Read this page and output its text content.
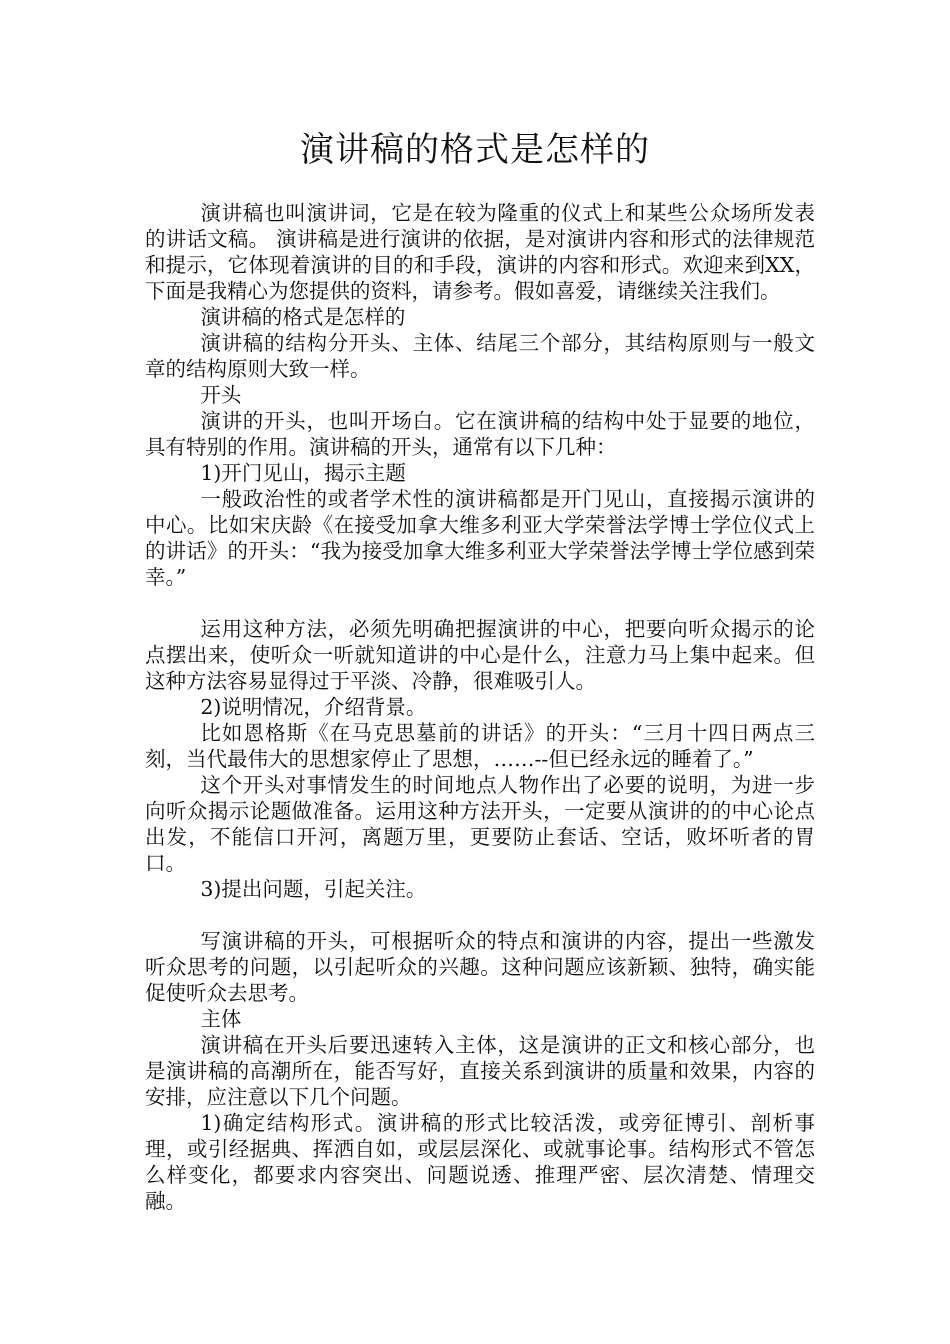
演讲稿的格式是怎样的

演讲稿也叫演讲词，它是在较为隆重的仪式上和某些公众场所发表的讲话文稿。 演讲稿是进行演讲的依据，是对演讲内容和形式的法律规范和提示，它体现着演讲的目的和手段，演讲的内容和形式。欢迎来到XX，下面是我精心为您提供的资料，请参考。假如喜爱，请继续关注我们。

演讲稿的格式是怎样的

演讲稿的结构分开头、主体、结尾三个部分，其结构原则与一般文章的结构原则大致一样。

开头

演讲的开头，也叫开场白。它在演讲稿的结构中处于显要的地位，具有特别的作用。演讲稿的开头，通常有以下几种：

1)开门见山，揭示主题

一般政治性的或者学术性的演讲稿都是开门见山，直接揭示演讲的中心。比如宋庆龄《在接受加拿大维多利亚大学荣誉法学博士学位仪式上的讲话》的开头：“我为接受加拿大维多利亚大学荣誉法学博士学位感到荣幸。”

运用这种方法，必须先明确把握演讲的中心，把要向听众揭示的论点摆出来，使听众一听就知道讲的中心是什么，注意力马上集中起来。但这种方法容易显得过于平淡、冷静，很难吸引人。

2)说明情况，介绍背景。

比如恩格斯《在马克思墓前的讲话》的开头：“三月十四日两点三刻，当代最伟大的思想家停止了思想，……--但已经永远的睡着了。”

这个开头对事情发生的时间地点人物作出了必要的说明，为进一步向听众揭示论题做准备。运用这种方法开头，一定要从演讲的的中心论点出发，不能信口开河，离题万里，更要防止套话、空话，败坏听者的胃口。

3)提出问题，引起关注。

写演讲稿的开头，可根据听众的特点和演讲的内容，提出一些激发听众思考的问题，以引起听众的兴趣。这种问题应该新颖、独特，确实能促使听众去思考。

主体

演讲稿在开头后要迅速转入主体，这是演讲的正文和核心部分，也是演讲稿的高潮所在，能否写好，直接关系到演讲的质量和效果，内容的安排，应注意以下几个问题。

1)确定结构形式。演讲稿的形式比较活泼，或旁征博引、剖析事理，或引经据典、挥洒自如，或层层深化、或就事论事。结构形式不管怎么样变化，都要求内容突出、问题说透、推理严密、层次清楚、情理交融。
